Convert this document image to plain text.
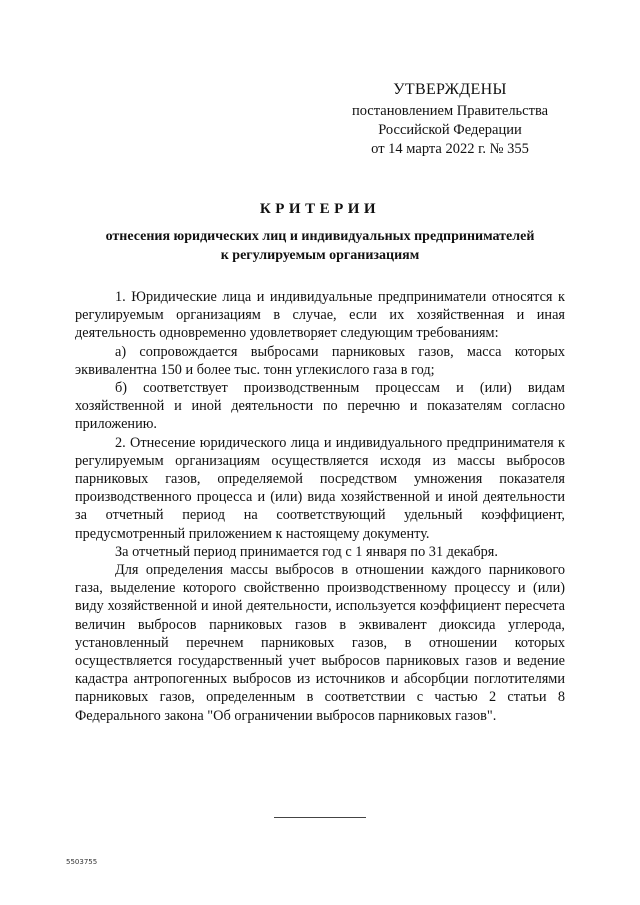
УТВЕРЖДЕНЫ
постановлением Правительства
Российской Федерации
от 14 марта 2022 г. № 355
КРИТЕРИИ
отнесения юридических лиц и индивидуальных предпринимателей
к регулируемым организациям

1. Юридические лица и индивидуальные предприниматели относятся к регулируемым организациям в случае, если их хозяйственная и иная деятельность одновременно удовлетворяет следующим требованиям:

а) сопровождается выбросами парниковых газов, масса которых эквивалентна 150 и более тыс. тонн углекислого газа в год;

б) соответствует производственным процессам и (или) видам хозяйственной и иной деятельности по перечню и показателям согласно приложению.

2. Отнесение юридического лица и индивидуального предпринимателя к регулируемым организациям осуществляется исходя из массы выбросов парниковых газов, определяемой посредством умножения показателя производственного процесса и (или) вида хозяйственной и иной деятельности за отчетный период на соответствующий удельный коэффициент, предусмотренный приложением к настоящему документу.

За отчетный период принимается год с 1 января по 31 декабря.

Для определения массы выбросов в отношении каждого парникового газа, выделение которого свойственно производственному процессу и (или) виду хозяйственной и иной деятельности, используется коэффициент пересчета величин выбросов парниковых газов в эквивалент диоксида углерода, установленный перечнем парниковых газов, в отношении которых осуществляется государственный учет выбросов парниковых газов и ведение кадастра антропогенных выбросов из источников и абсорбции поглотителями парниковых газов, определенным в соответствии с частью 2 статьи 8 Федерального закона "Об ограничении выбросов парниковых газов".

5503755
